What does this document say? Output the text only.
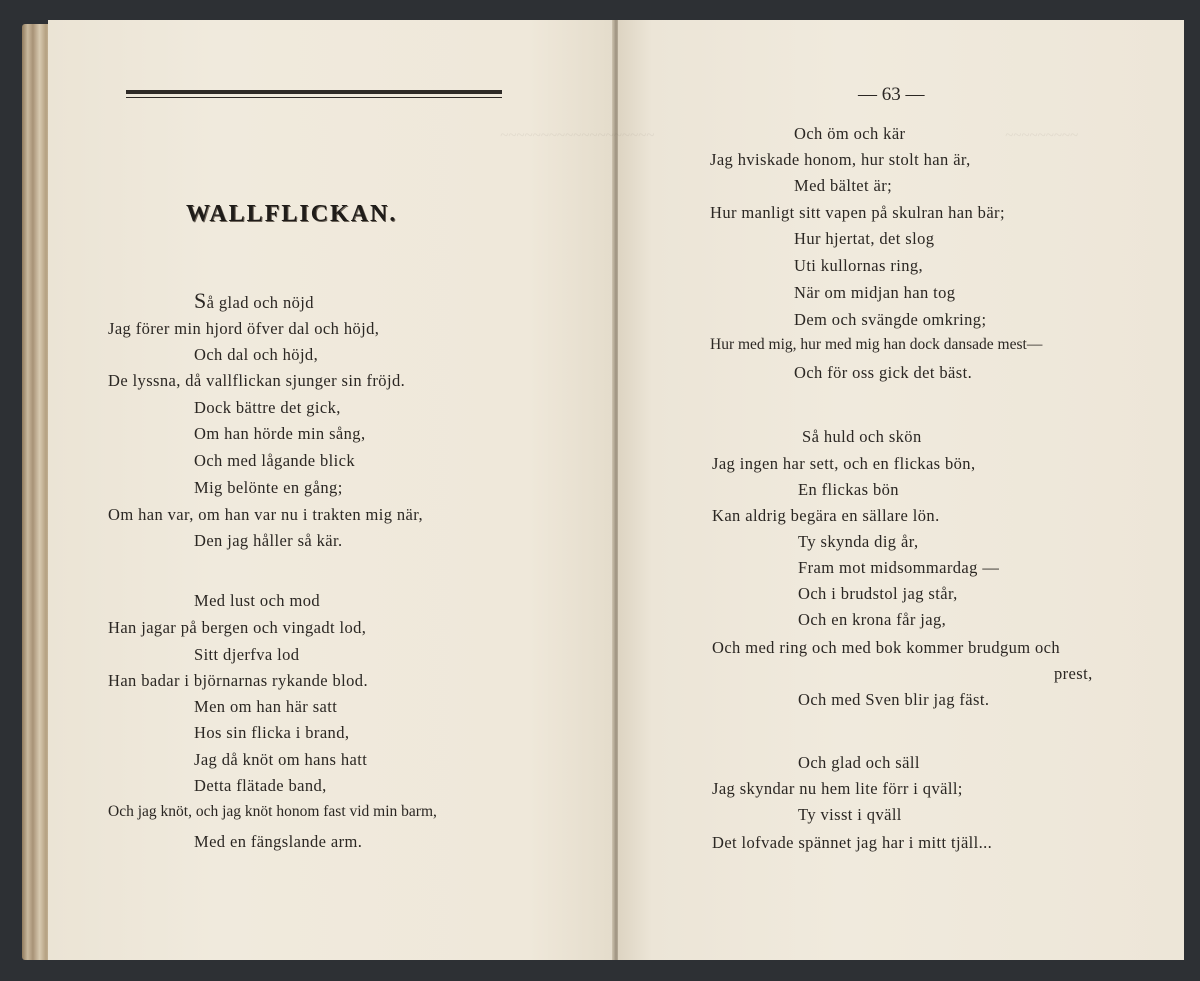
~~~~~~~~~~~~~~~~~~~	~~~~~~~~~
WALLFLICKAN.
Så glad och nöjd
Jag förer min hjord öfver dal och höjd,
Och dal och höjd,
De lyssna, då vallflickan sjunger sin fröjd.
Dock bättre det gick,
Om han hörde min sång,
Och med lågande blick
Mig belönte en gång;
Om han var, om han var nu i trakten mig när,
Den jag håller så kär.
Med lust och mod
Han jagar på bergen och vingadt lod,
Sitt djerfva lod
Han badar i björnarnas rykande blod.
Men om han här satt
Hos sin flicka i brand,
Jag då knöt om hans hatt
Detta flätade band,
Och jag knöt, och jag knöt honom fast vid min barm,
Med en fängslande arm.
— 63 —
Och öm och kär
Jag hviskade honom, hur stolt han är,
Med bältet är;
Hur manligt sitt vapen på skulran han bär;
Hur hjertat, det slog
Uti kullornas ring,
När om midjan han tog
Dem och svängde omkring;
Hur med mig, hur med mig han dock dansade mest—
Och för oss gick det bäst.
Så huld och skön
Jag ingen har sett, och en flickas bön,
En flickas bön
Kan aldrig begära en sällare lön.
Ty skynda dig år,
Fram mot midsommardag —
Och i brudstol jag står,
Och en krona får jag,
Och med ring och med bok kommer brudgum och
prest,
Och med Sven blir jag fäst.
Och glad och säll
Jag skyndar nu hem lite förr i qväll;
Ty visst i qväll
Det lofvade spännet jag har i mitt tjäll...
